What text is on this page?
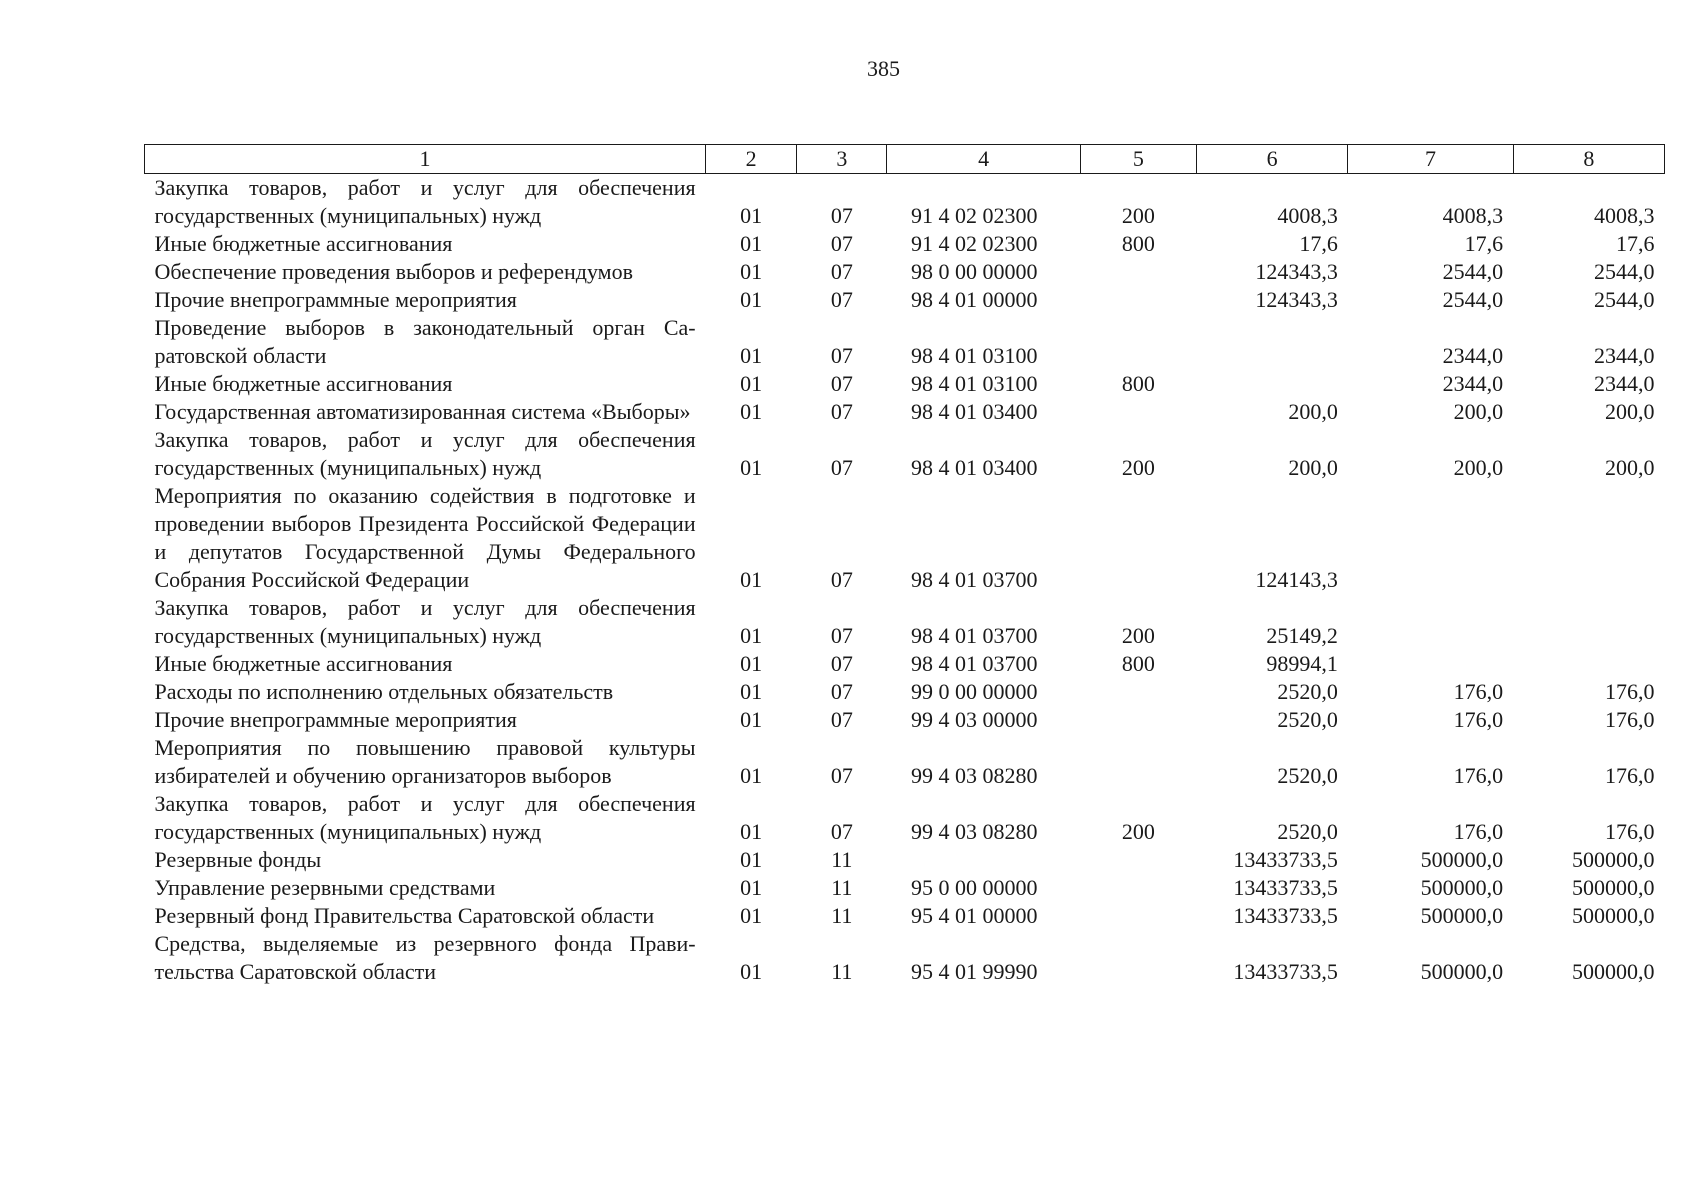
385
1	2	3	4	5	6	7	8
Закупка товаров, работ и услуг для обеспечения государственных (муниципальных) нужд	01	07	91 4 02 02300	200	4008,3	4008,3	4008,3
Иные бюджетные ассигнования	01	07	91 4 02 02300	800	17,6	17,6	17,6
Обеспечение проведения выборов и референдумов	01	07	98 0 00 00000		124343,3	2544,0	2544,0
Прочие внепрограммные мероприятия	01	07	98 4 01 00000		124343,3	2544,0	2544,0
Проведение выборов в законодательный орган Саратовской области	01	07	98 4 01 03100			2344,0	2344,0
Иные бюджетные ассигнования	01	07	98 4 01 03100	800		2344,0	2344,0
Государственная автоматизированная система «Выборы»	01	07	98 4 01 03400		200,0	200,0	200,0
Закупка товаров, работ и услуг для обеспечения государственных (муниципальных) нужд	01	07	98 4 01 03400	200	200,0	200,0	200,0
Мероприятия по оказанию содействия в подготовке и проведении выборов Президента Российской Федерации и депутатов Государственной Думы Федерального Собрания Российской Федерации	01	07	98 4 01 03700		124143,3		
Закупка товаров, работ и услуг для обеспечения государственных (муниципальных) нужд	01	07	98 4 01 03700	200	25149,2		
Иные бюджетные ассигнования	01	07	98 4 01 03700	800	98994,1		
Расходы по исполнению отдельных обязательств	01	07	99 0 00 00000		2520,0	176,0	176,0
Прочие внепрограммные мероприятия	01	07	99 4 03 00000		2520,0	176,0	176,0
Мероприятия по повышению правовой культуры избирателей и обучению организаторов выборов	01	07	99 4 03 08280		2520,0	176,0	176,0
Закупка товаров, работ и услуг для обеспечения государственных (муниципальных) нужд	01	07	99 4 03 08280	200	2520,0	176,0	176,0
Резервные фонды	01	11			13433733,5	500000,0	500000,0
Управление резервными средствами	01	11	95 0 00 00000		13433733,5	500000,0	500000,0
Резервный фонд Правительства Саратовской области	01	11	95 4 01 00000		13433733,5	500000,0	500000,0
Средства, выделяемые из резервного фонда Правительства Саратовской области	01	11	95 4 01 99990		13433733,5	500000,0	500000,0
